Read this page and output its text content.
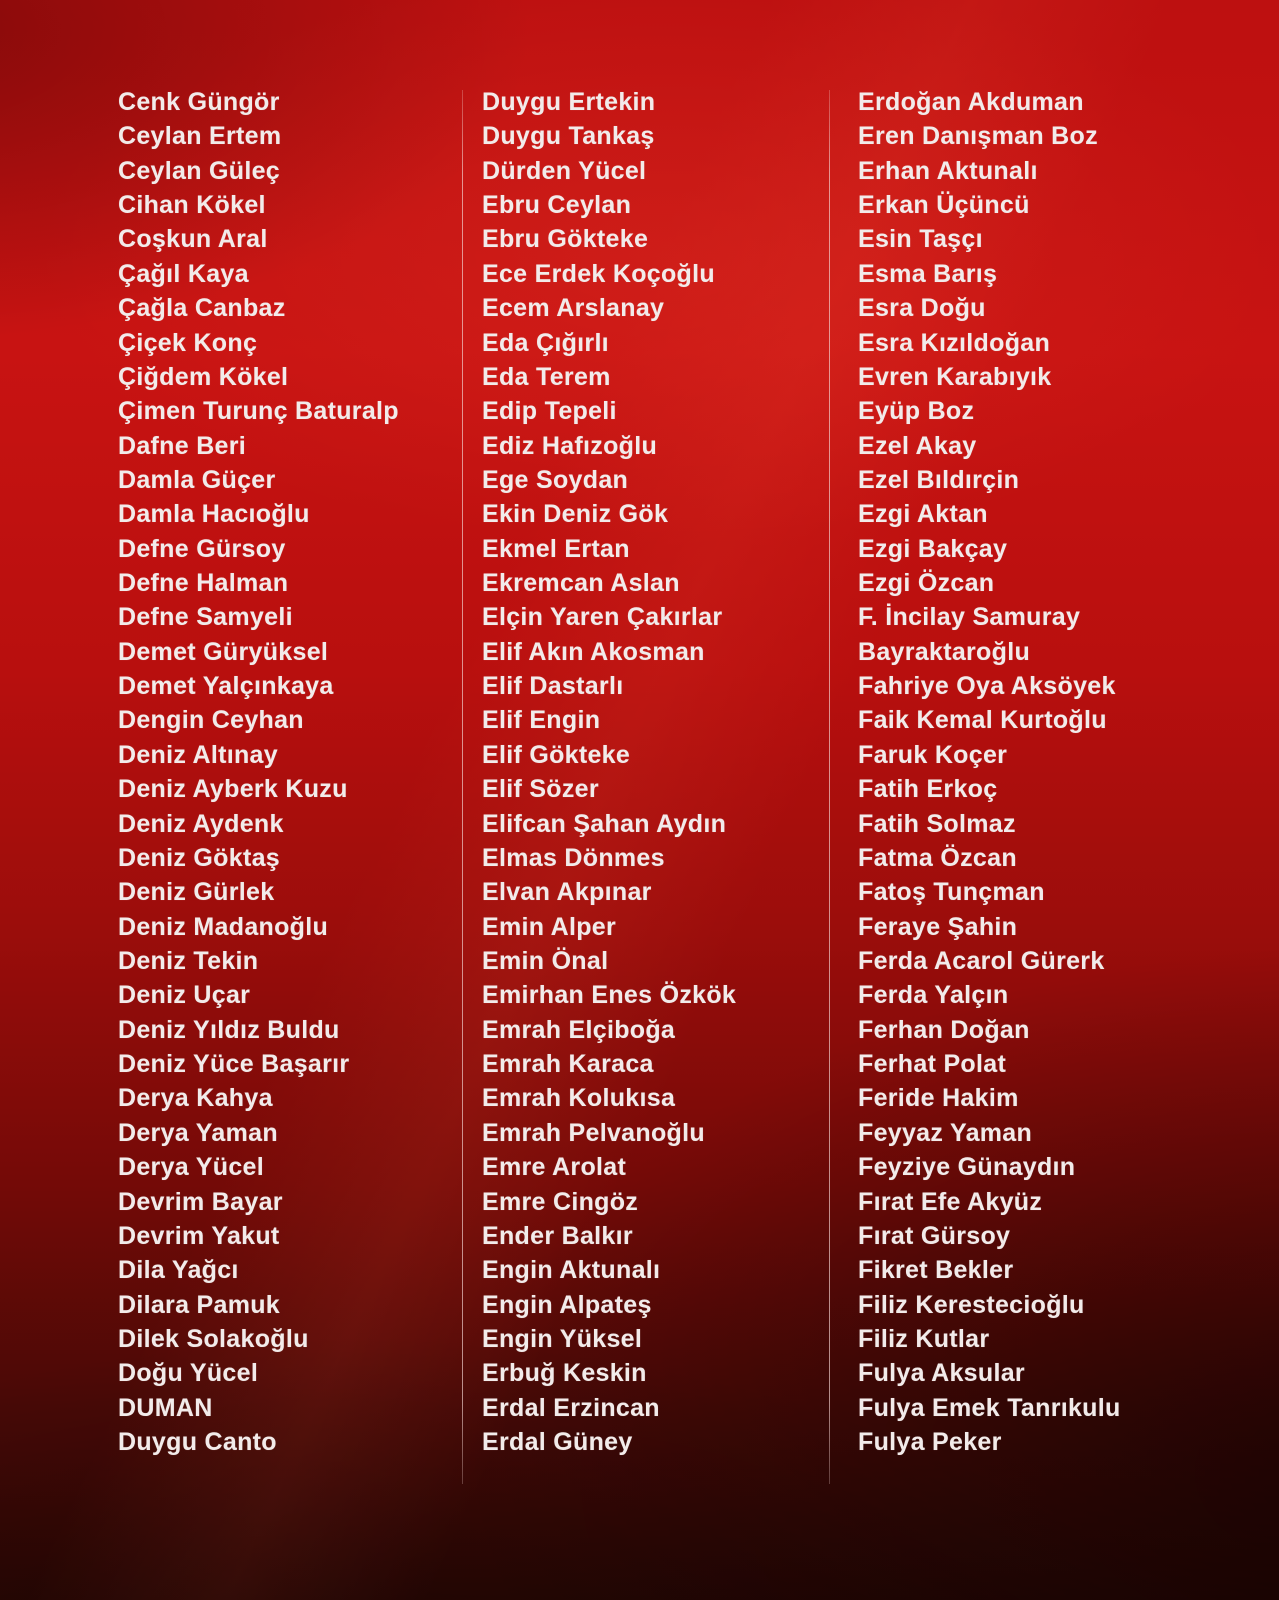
Cenk Güngör
Ceylan Ertem
Ceylan Güleç
Cihan Kökel
Coşkun Aral
Çağıl Kaya
Çağla Canbaz
Çiçek Konç
Çiğdem Kökel
Çimen Turunç Baturalp
Dafne Beri
Damla Güçer
Damla Hacıoğlu
Defne Gürsoy
Defne Halman
Defne Samyeli
Demet Güryüksel
Demet Yalçınkaya
Dengin Ceyhan
Deniz Altınay
Deniz Ayberk Kuzu
Deniz Aydenk
Deniz Göktaş
Deniz Gürlek
Deniz Madanoğlu
Deniz Tekin
Deniz Uçar
Deniz Yıldız Buldu
Deniz Yüce Başarır
Derya Kahya
Derya Yaman
Derya Yücel
Devrim Bayar
Devrim Yakut
Dila Yağcı
Dilara Pamuk
Dilek Solakoğlu
Doğu Yücel
DUMAN
Duygu Canto
Duygu Ertekin
Duygu Tankaş
Dürden Yücel
Ebru Ceylan
Ebru Gökteke
Ece Erdek Koçoğlu
Ecem Arslanay
Eda Çığırlı
Eda Terem
Edip Tepeli
Ediz Hafızoğlu
Ege Soydan
Ekin Deniz Gök
Ekmel Ertan
Ekremcan Aslan
Elçin Yaren Çakırlar
Elif Akın Akosman
Elif Dastarlı
Elif Engin
Elif Gökteke
Elif Sözer
Elifcan Şahan Aydın
Elmas Dönmes
Elvan Akpınar
Emin Alper
Emin Önal
Emirhan Enes Özkök
Emrah Elçiboğa
Emrah Karaca
Emrah Kolukısa
Emrah Pelvanoğlu
Emre Arolat
Emre Cingöz
Ender Balkır
Engin Aktunalı
Engin Alpateş
Engin Yüksel
Erbuğ Keskin
Erdal Erzincan
Erdal Güney
Erdoğan Akduman
Eren Danışman Boz
Erhan Aktunalı
Erkan Üçüncü
Esin Taşçı
Esma Barış
Esra Doğu
Esra Kızıldoğan
Evren Karabıyık
Eyüp Boz
Ezel Akay
Ezel Bıldırçin
Ezgi Aktan
Ezgi Bakçay
Ezgi Özcan
F. İncilay Samuray
Bayraktaroğlu
Fahriye Oya Aksöyek
Faik Kemal Kurtoğlu
Faruk Koçer
Fatih Erkoç
Fatih Solmaz
Fatma Özcan
Fatoş Tunçman
Feraye Şahin
Ferda Acarol Gürerk
Ferda Yalçın
Ferhan Doğan
Ferhat Polat
Feride Hakim
Feyyaz Yaman
Feyziye Günaydın
Fırat Efe Akyüz
Fırat Gürsoy
Fikret Bekler
Filiz Kerestecioğlu
Filiz Kutlar
Fulya Aksular
Fulya Emek Tanrıkulu
Fulya Peker
